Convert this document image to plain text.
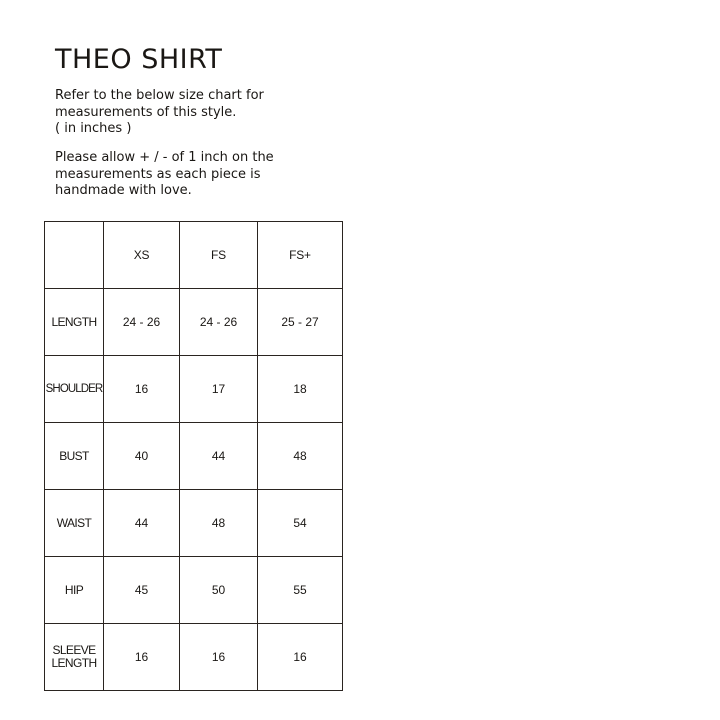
THEO SHIRT

Refer to the below size chart for
measurements of this style.
( in inches )

Please allow + / - of 1 inch on the
measurements as each piece is
handmade with love.

	XS	FS	FS+

LENGTH	24 - 26	24 - 26	25 - 27

SHOULDER	16	17	18

BUST	40	44	48

WAIST	44	48	54

HIP	45	50	55

SLEEVE
LENGTH	16	16	16
